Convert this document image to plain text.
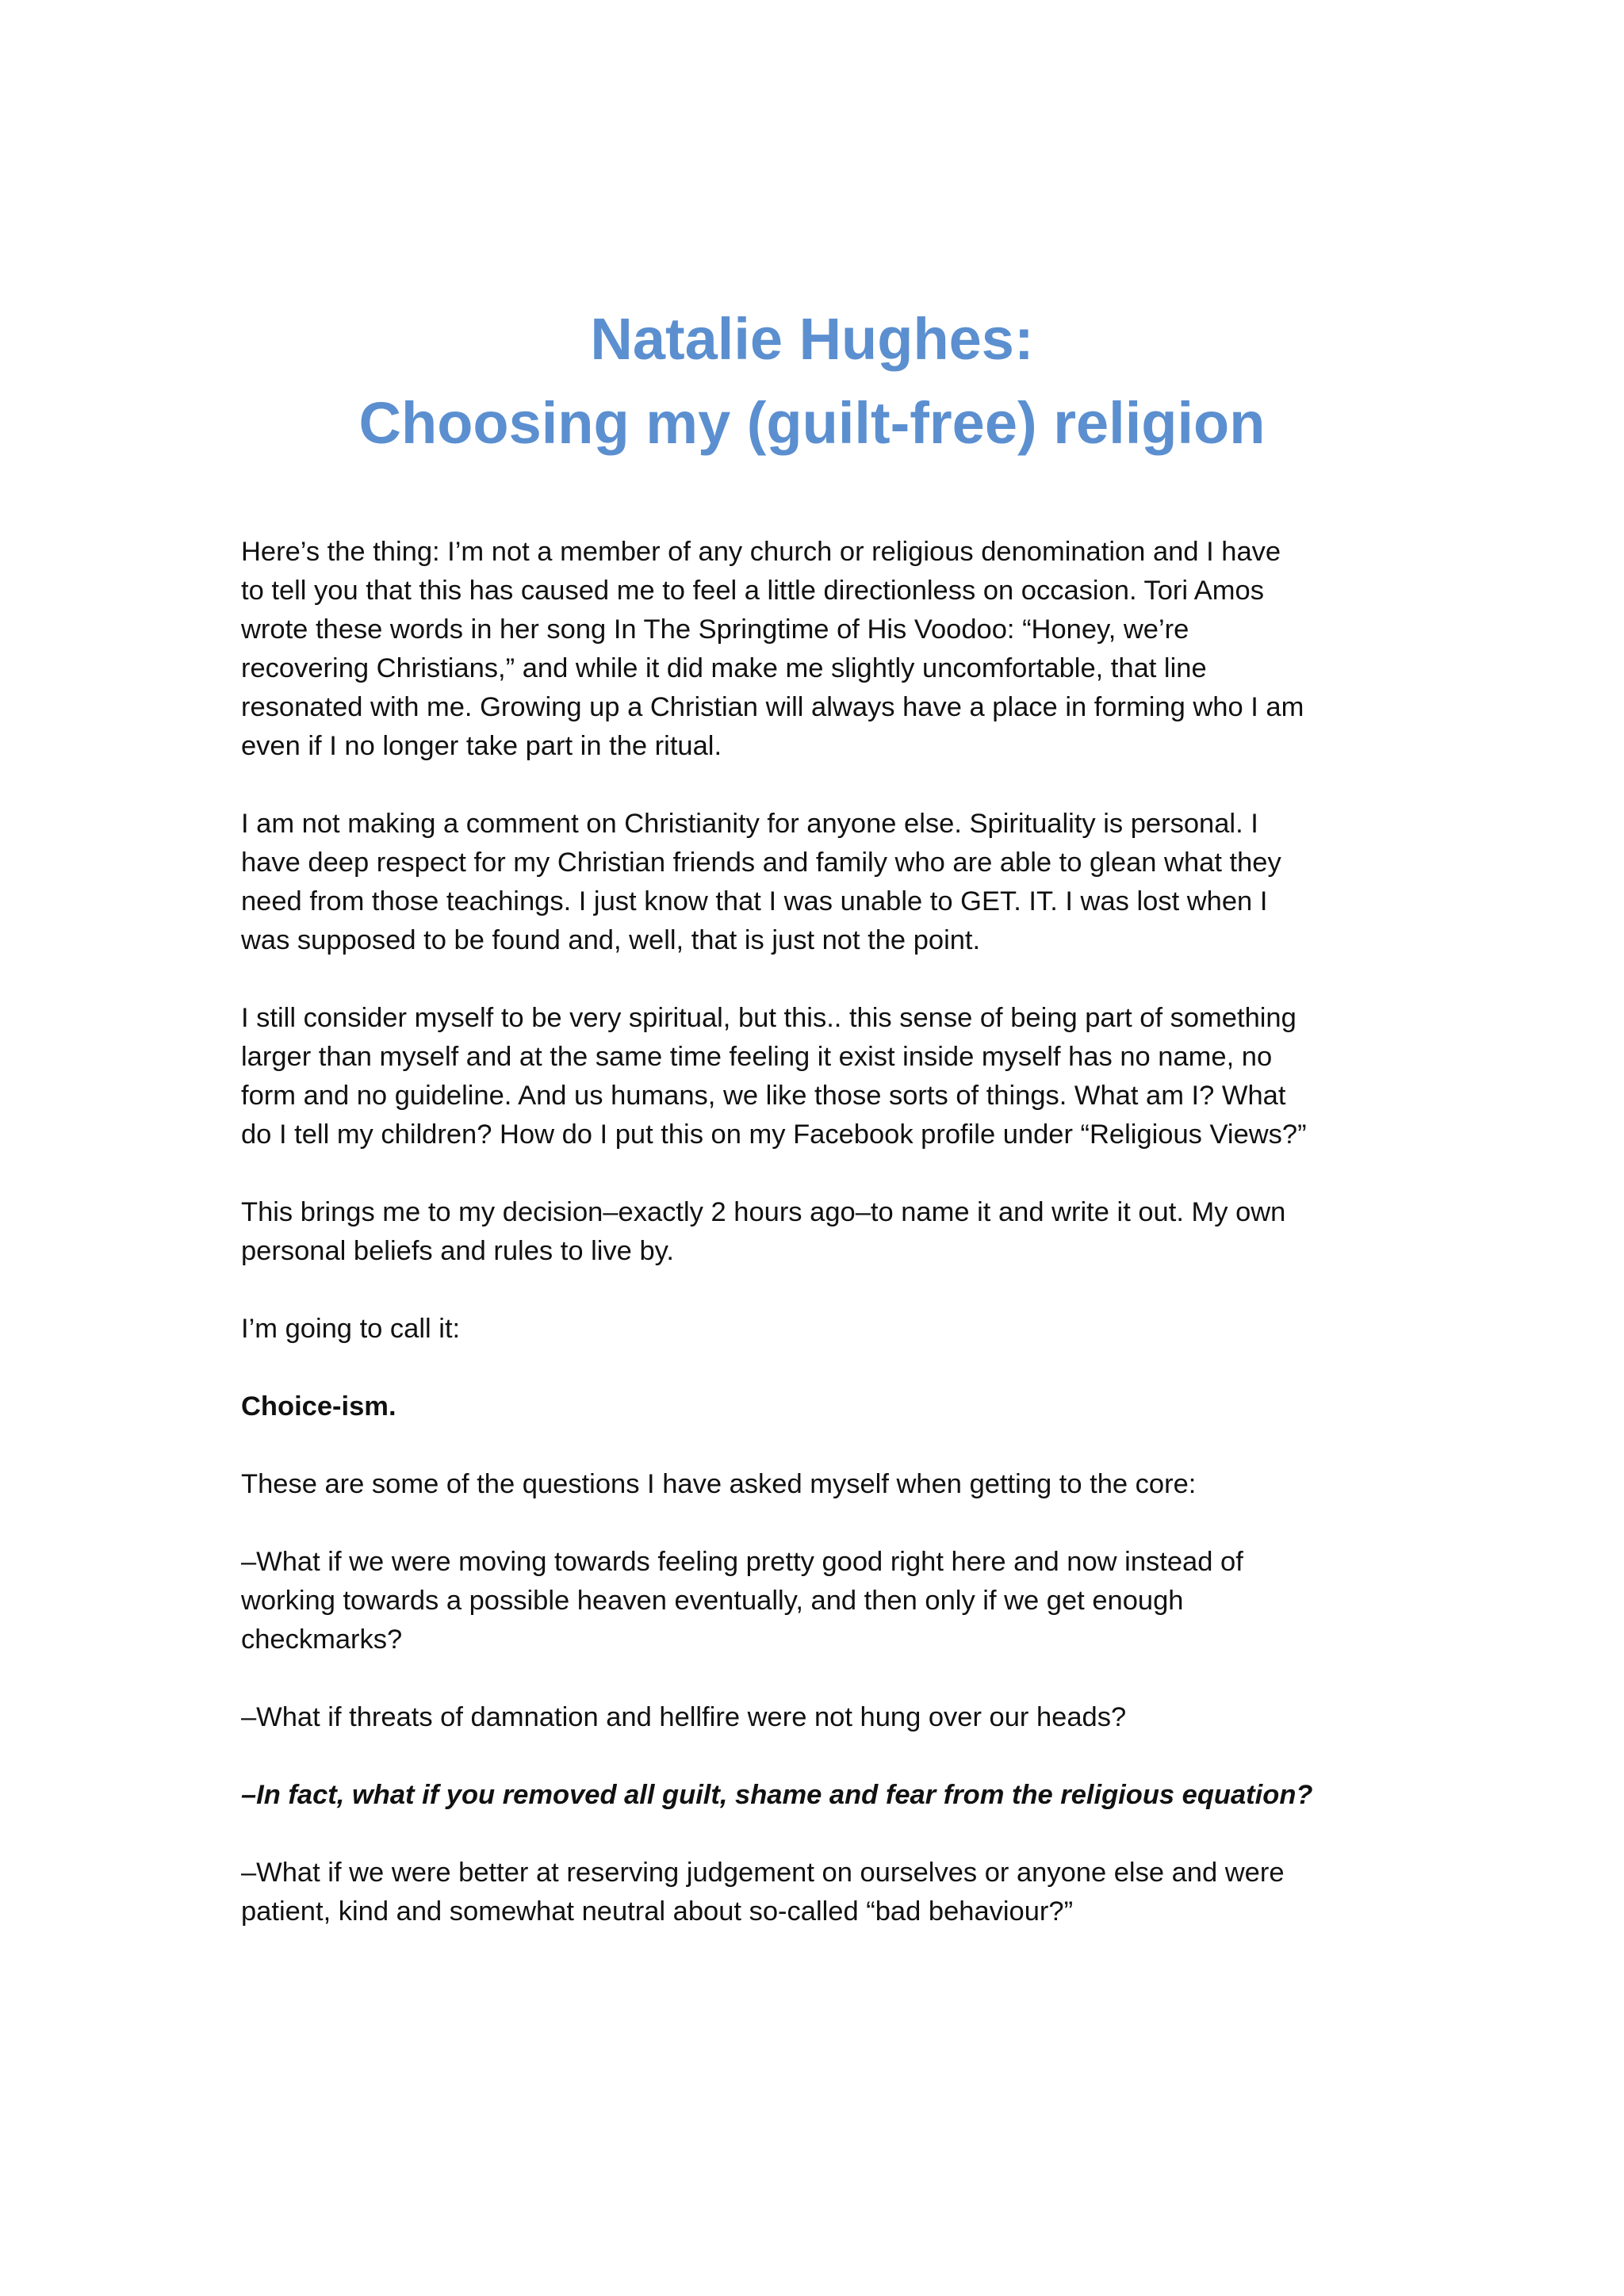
Natalie Hughes:
Choosing my (guilt-free) religion

Here’s the thing: I’m not a member of any church or religious denomination and I have
to tell you that this has caused me to feel a little directionless on occasion. Tori Amos
wrote these words in her song In The Springtime of His Voodoo: “Honey, we’re
recovering Christians,” and while it did make me slightly uncomfortable, that line
resonated with me. Growing up a Christian will always have a place in forming who I am
even if I no longer take part in the ritual.

I am not making a comment on Christianity for anyone else. Spirituality is personal. I
have deep respect for my Christian friends and family who are able to glean what they
need from those teachings. I just know that I was unable to GET. IT. I was lost when I
was supposed to be found and, well, that is just not the point.

I still consider myself to be very spiritual, but this.. this sense of being part of something
larger than myself and at the same time feeling it exist inside myself has no name, no
form and no guideline. And us humans, we like those sorts of things. What am I? What
do I tell my children? How do I put this on my Facebook profile under “Religious Views?”

This brings me to my decision–exactly 2 hours ago–to name it and write it out. My own
personal beliefs and rules to live by.

I’m going to call it:

Choice-ism.

These are some of the questions I have asked myself when getting to the core:

–What if we were moving towards feeling pretty good right here and now instead of
working towards a possible heaven eventually, and then only if we get enough
checkmarks?

–What if threats of damnation and hellfire were not hung over our heads?

–In fact, what if you removed all guilt, shame and fear from the religious equation?

–What if we were better at reserving judgement on ourselves or anyone else and were
patient, kind and somewhat neutral about so-called “bad behaviour?”
